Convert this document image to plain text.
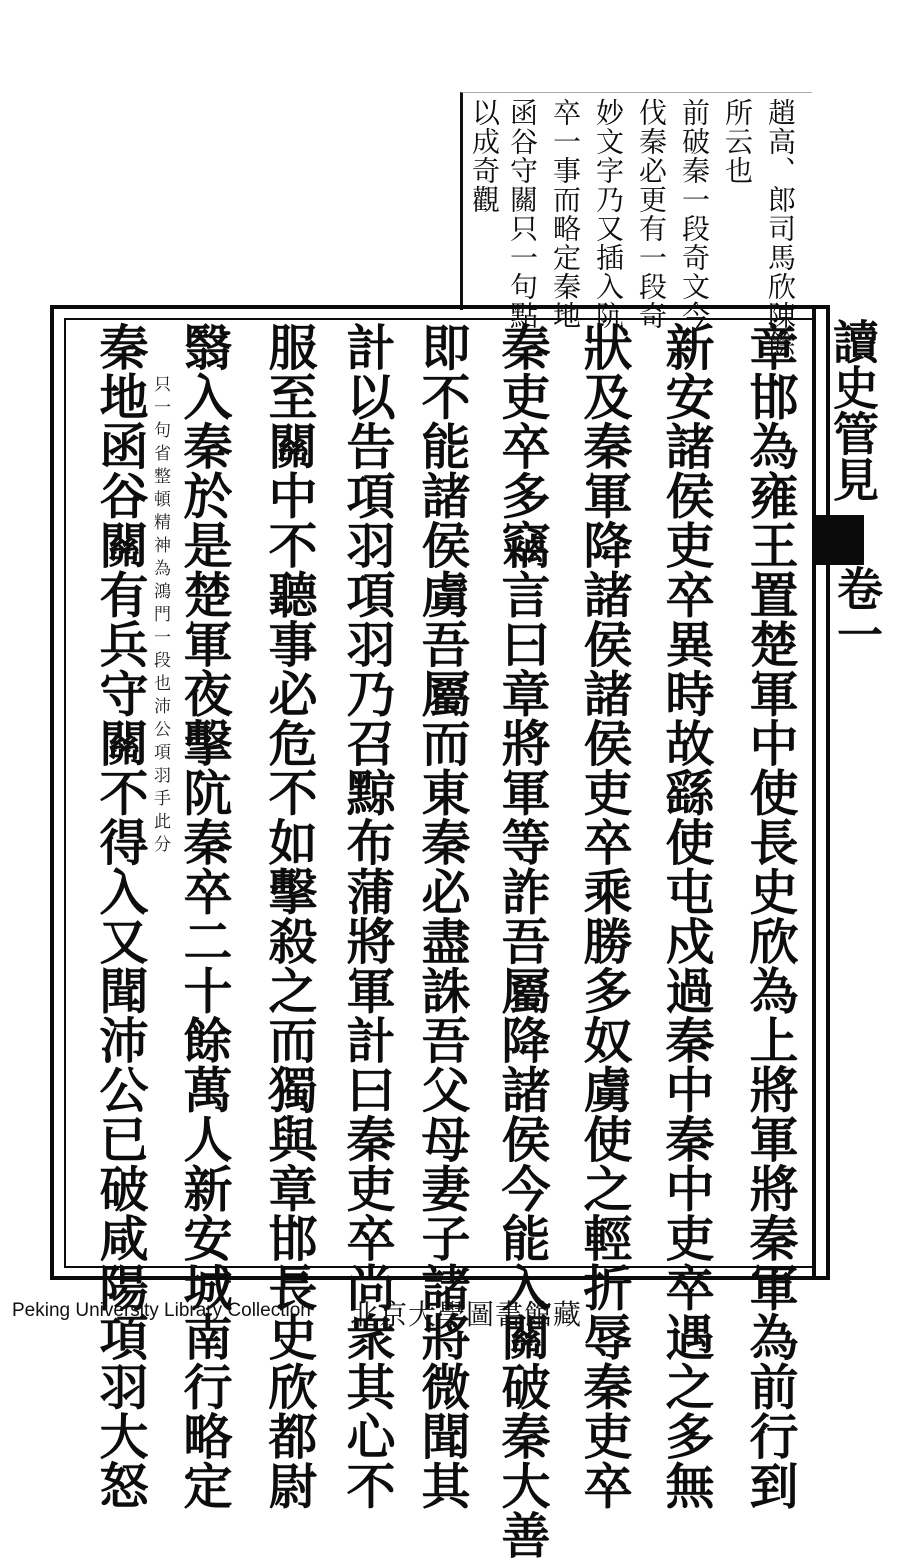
趙高、郎司馬欣陳餘
所云也
前破秦一段奇文今
伐秦必更有一段奇
妙文字乃又插入阬
卒一事而略定秦地
函谷守關只一句點
以成奇觀
讀史管見
卷一
章邯為雍王置楚軍中使長史欣為上將軍將秦軍為前行到
新安諸侯吏卒異時故繇使屯戍過秦中秦中吏卒遇之多無
狀及秦軍降諸侯諸侯吏卒乘勝多奴虜使之輕折辱秦吏卒
秦吏卒多竊言曰章將軍等詐吾屬降諸侯今能入關破秦大善
即不能諸侯虜吾屬而東秦必盡誅吾父母妻子諸將微聞其
計以告項羽項羽乃召黥布蒲將軍計曰秦吏卒尚衆其心不
服至關中不聽事必危不如擊殺之而獨與章邯長史欣都尉
翳入秦於是楚軍夜擊阬秦卒二十餘萬人新安城南行略定
秦地函谷關有兵守關不得入又聞沛公已破咸陽項羽大怒 只一句省整頓精神為鴻門一段也沛公項羽手此分
Peking University Library Collection 北京大學圖書館藏
